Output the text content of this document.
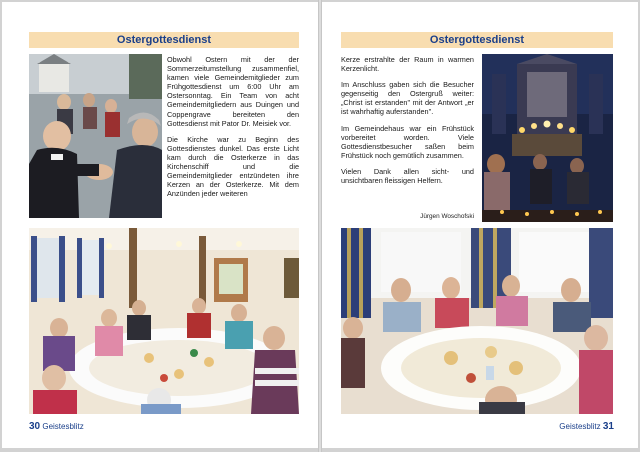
Ostergottesdienst

Obwohl Ostern mit der der Sommerzeitumstellung zusammenfiel, kamen viele Gemeindemitglieder zum Frühgottesdienst um 6:00 Uhr am Ostersonntag. Ein Team von acht Gemeindemitgliedern aus Duingen und Coppengrave bereiteten den Gottesdienst mit Pator Dr. Meisiek vor.

Die Kirche war zu Beginn des Gottesdienstes dunkel. Das erste Licht kam durch die Osterkerze in das Kirchenschiff und die Gemeindemitglieder entzündeten ihre Kerzen an der Osterkerze. Mit dem Anzünden jeder weiteren

30 Geistesblitz
Ostergottesdienst

Kerze erstrahlte der Raum in warmen Kerzenlicht.

Im Anschluss gaben sich die Besucher gegenseitig den Ostergruß weiter: „Christ ist erstanden" mit der Antwort „er ist wahrhaftig auferstanden".

Im Gemeindehaus war ein Frühstück vorbereitet worden. Viele Gottesdienstbesucher saßen beim Frühstück noch gemütlich zusammen.

Vielen Dank allen sicht- und unsichtbaren fleissigen Helfern.

Jürgen Woschofski
Geistesblitz 31
